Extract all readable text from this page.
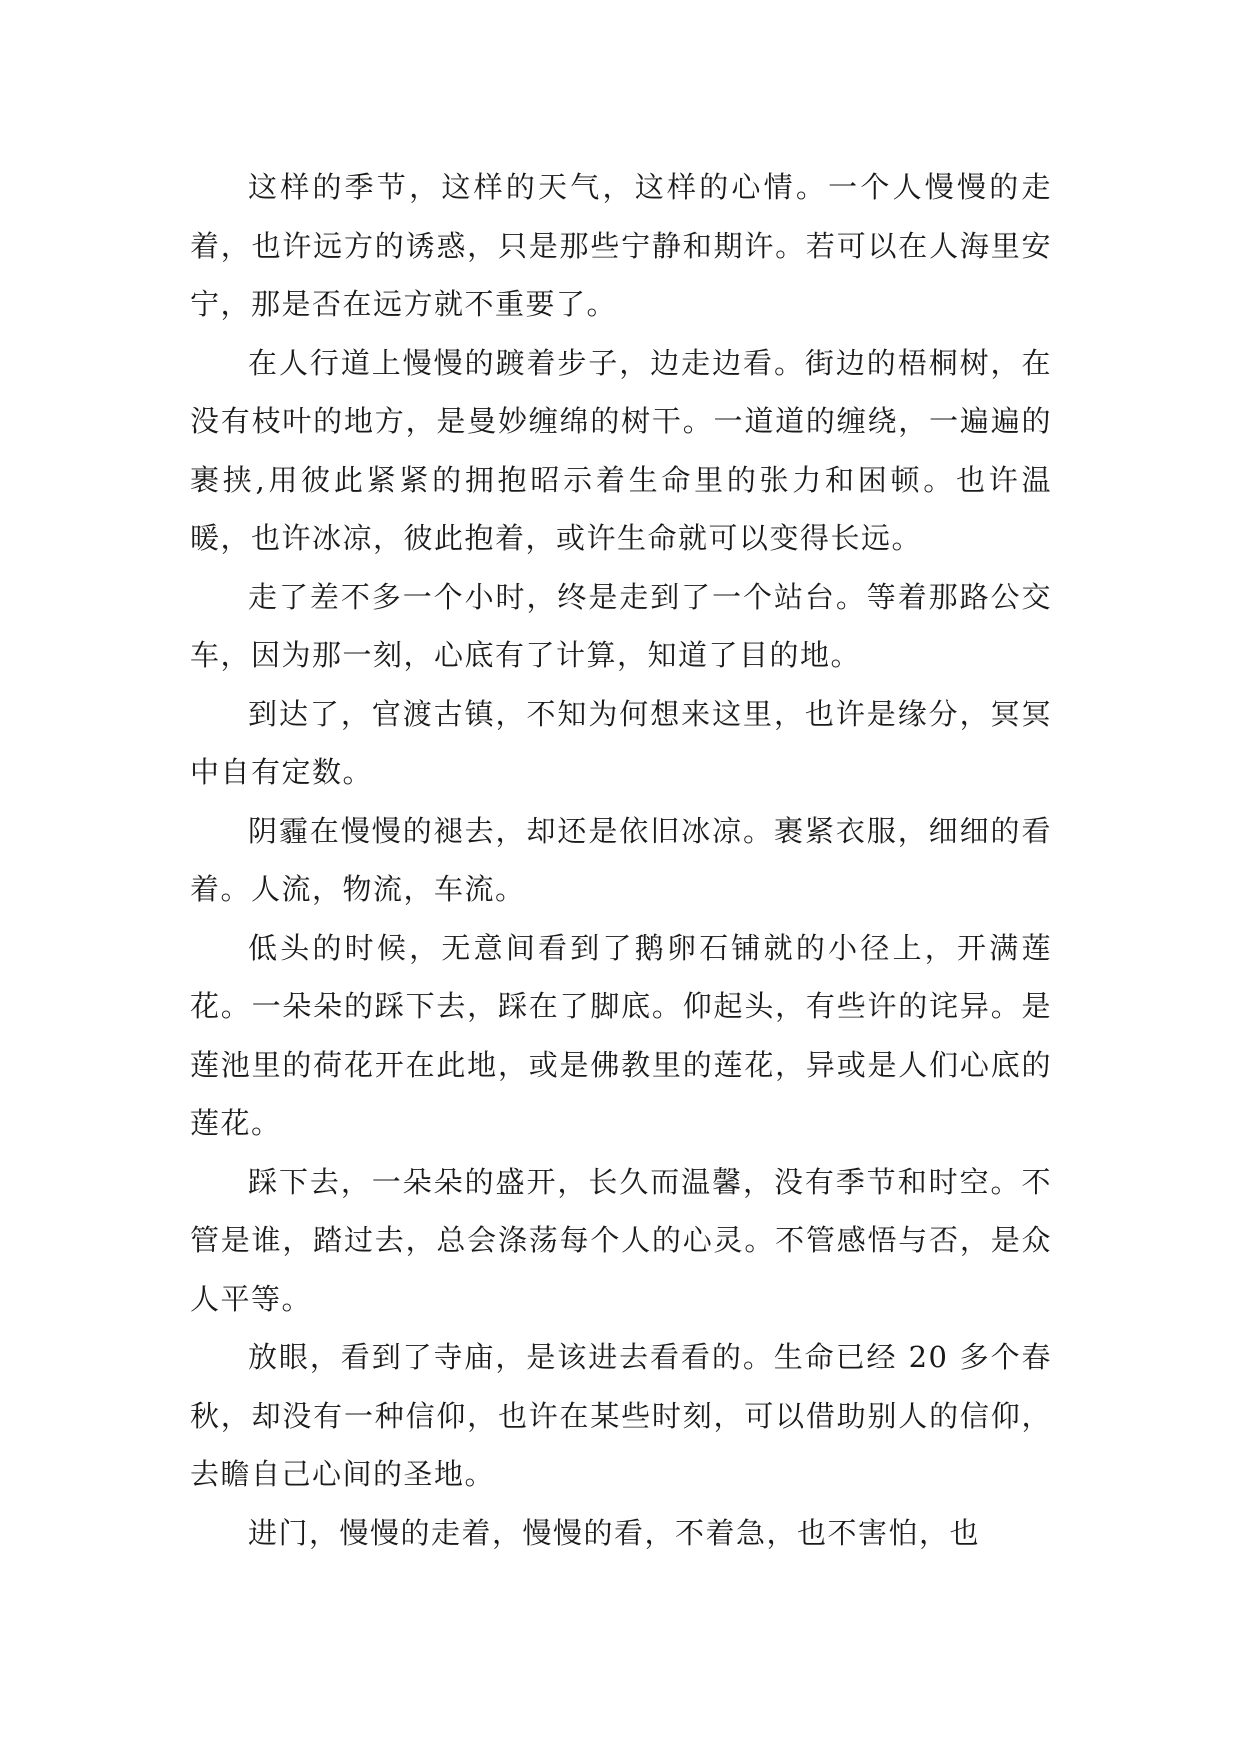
这样的季节，这样的天气，这样的心情。一个人慢慢的走着，也许远方的诱惑，只是那些宁静和期许。若可以在人海里安宁，那是否在远方就不重要了。

在人行道上慢慢的踱着步子，边走边看。街边的梧桐树，在没有枝叶的地方，是曼妙缠绵的树干。一道道的缠绕，一遍遍的裹挟,用彼此紧紧的拥抱昭示着生命里的张力和困顿。也许温暖，也许冰凉，彼此抱着，或许生命就可以变得长远。

走了差不多一个小时，终是走到了一个站台。等着那路公交车，因为那一刻，心底有了计算，知道了目的地。

到达了，官渡古镇，不知为何想来这里，也许是缘分，冥冥中自有定数。

阴霾在慢慢的褪去，却还是依旧冰凉。裹紧衣服，细细的看着。人流，物流，车流。

低头的时候，无意间看到了鹅卵石铺就的小径上，开满莲花。一朵朵的踩下去，踩在了脚底。仰起头，有些许的诧异。是莲池里的荷花开在此地，或是佛教里的莲花，异或是人们心底的莲花。

踩下去，一朵朵的盛开，长久而温馨，没有季节和时空。不管是谁，踏过去，总会涤荡每个人的心灵。不管感悟与否，是众人平等。

放眼，看到了寺庙，是该进去看看的。生命已经 20 多个春秋，却没有一种信仰，也许在某些时刻，可以借助别人的信仰，去瞻自己心间的圣地。

进门，慢慢的走着，慢慢的看，不着急，也不害怕，也
